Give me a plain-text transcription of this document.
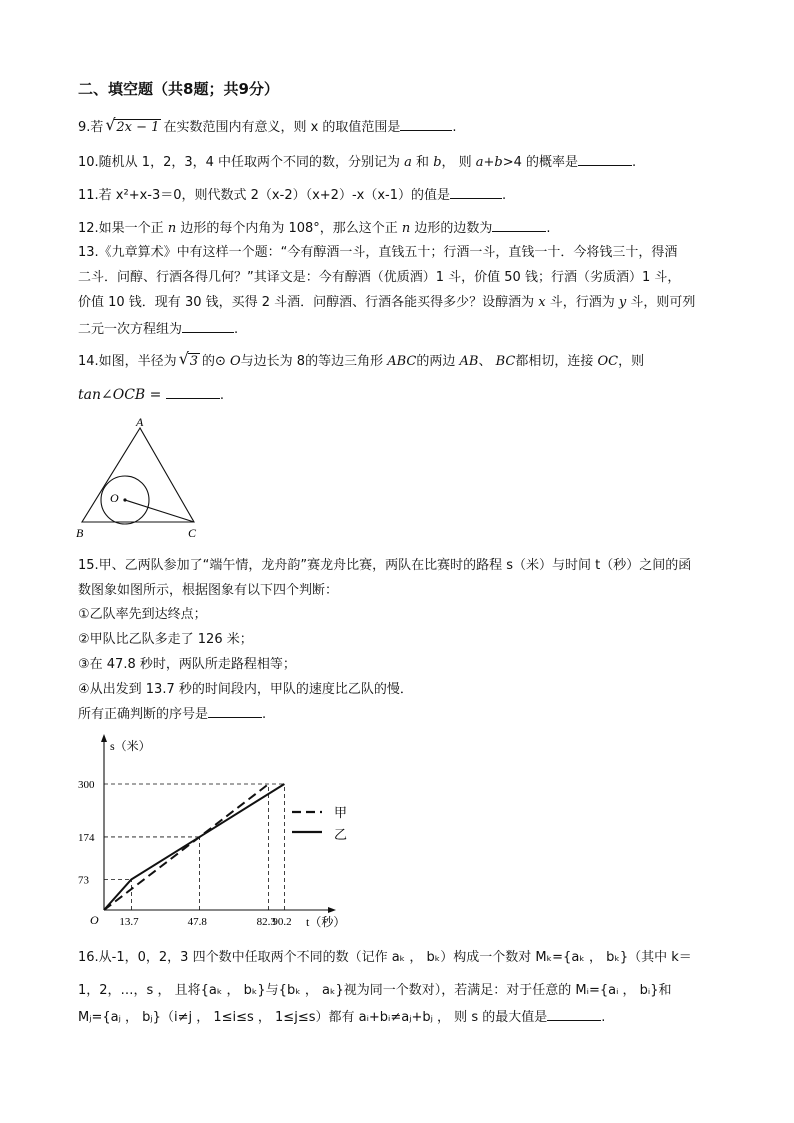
二、填空题（共8题；共9分）
9.若 √ 2x − 1 在实数范围内有意义，则 x 的取值范围是	.
10.随机从 1，2，3，4 中任取两个不同的数，分别记为 a 和 b， 则 a+b>4 的概率是	.
11.若 x²+x-3＝0，则代数式 2（x-2）（x+2）-x（x-1）的值是	.
12.如果一个正 n 边形的每个内角为 108°，那么这个正 n 边形的边数为	.
13.《九章算术》中有这样一个题：“今有醇酒一斗，直钱五十；行酒一斗，直钱一十．今将钱三十，得酒
二斗．问醇、行酒各得几何？”其译文是：今有醇酒（优质酒）1 斗，价值 50 钱；行酒（劣质酒）1 斗，
价值 10 钱．现有 30 钱，买得 2 斗酒．问醇酒、行酒各能买得多少？设醇酒为 x 斗，行酒为 y 斗，则可列
二元一次方程组为	.
14.如图，半径为 √ 3 的⊙ O与边长为 8的等边三角形 ABC的两边 AB、 BC都相切，连接 OC，则
tan∠OCB =	.
A
B	C
O
15.甲、乙两队参加了“端午情，龙舟韵”赛龙舟比赛，两队在比赛时的路程 s（米）与时间 t（秒）之间的函
数图象如图所示，根据图象有以下四个判断：
①乙队率先到达终点；
②甲队比乙队多走了 126 米；
③在 47.8 秒时，两队所走路程相等；
④从出发到 13.7 秒的时间段内，甲队的速度比乙队的慢．
所有正确判断的序号是	.
s（米）
t（秒）
O
73
174
300
13.7	47.8	82.3
90.2
甲
乙
16.从-1，0，2，3 四个数中任取两个不同的数（记作 aₖ ， bₖ）构成一个数对 Mₖ={aₖ ， bₖ}（其中 k＝
1，2，…，s ， 且将{aₖ ， bₖ}与{bₖ ， aₖ}视为同一个数对），若满足：对于任意的 Mᵢ={aᵢ ， bᵢ}和
Mⱼ={aⱼ ， bⱼ}（i≠j ， 1≤i≤s ， 1≤j≤s）都有 aᵢ+bᵢ≠aⱼ+bⱼ ， 则 s 的最大值是	.
